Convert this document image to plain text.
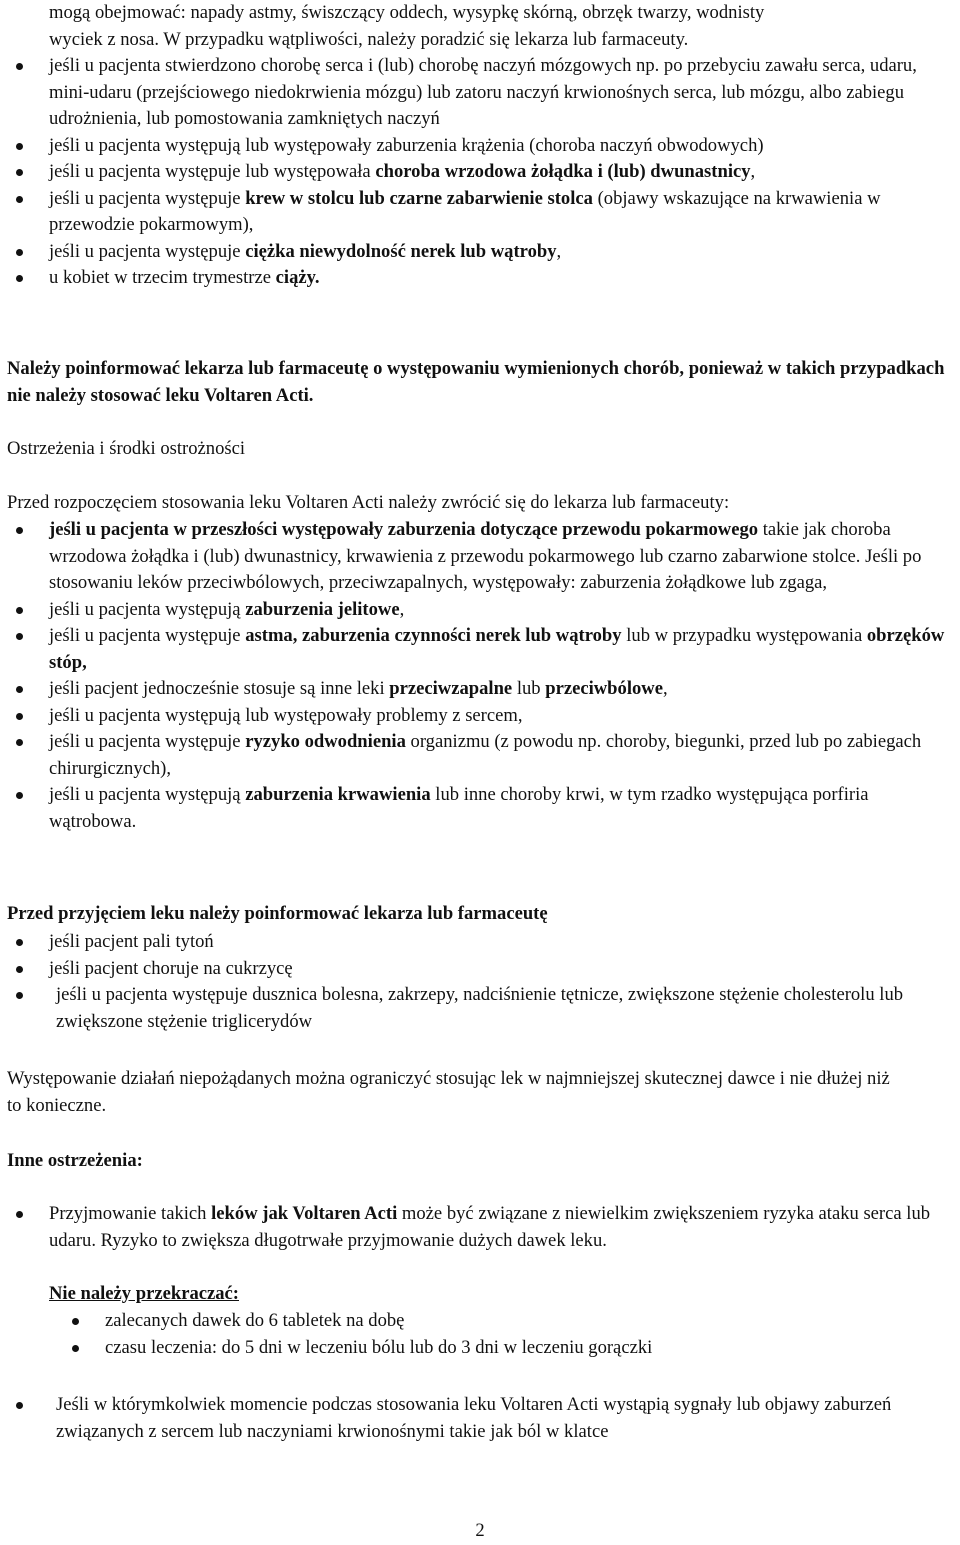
mogą obejmować: napady astmy, świszczący oddech, wysypkę skórną, obrzęk twarzy, wodnisty
wyciek z nosa. W przypadku wątpliwości, należy poradzić się lekarza lub farmaceuty.
jeśli u pacjenta stwierdzono chorobę serca i (lub) chorobę naczyń mózgowych np. po przebyciu zawału serca, udaru, mini-udaru (przejściowego niedokrwienia mózgu) lub zatoru naczyń krwionośnych serca, lub mózgu, albo zabiegu udrożnienia, lub pomostowania zamkniętych naczyń
jeśli u pacjenta występują lub występowały zaburzenia krążenia (choroba naczyń obwodowych)
jeśli u pacjenta występuje lub występowała choroba wrzodowa żołądka i (lub) dwunastnicy,
jeśli u pacjenta występuje krew w stolcu lub czarne zabarwienie stolca (objawy wskazujące na krwawienia w przewodzie pokarmowym),
jeśli u pacjenta występuje ciężka niewydolność nerek lub wątroby,
u kobiet w trzecim trymestrze ciąży.

Należy poinformować lekarza lub farmaceutę o występowaniu wymienionych chorób, ponieważ w takich przypadkach nie należy stosować leku Voltaren Acti.

Ostrzeżenia i środki ostrożności

Przed rozpoczęciem stosowania leku Voltaren Acti należy zwrócić się do lekarza lub farmaceuty:

jeśli u pacjenta w przeszłości występowały zaburzenia dotyczące przewodu pokarmowego takie jak choroba wrzodowa żołądka i (lub) dwunastnicy, krwawienia z przewodu pokarmowego lub czarno zabarwione stolce. Jeśli po stosowaniu leków przeciwbólowych, przeciwzapalnych, występowały: zaburzenia żołądkowe lub zgaga,
jeśli u pacjenta występują zaburzenia jelitowe,
jeśli u pacjenta występuje astma, zaburzenia czynności nerek lub wątroby lub w przypadku występowania obrzęków stóp,
jeśli pacjent jednocześnie stosuje są inne leki przeciwzapalne lub przeciwbólowe,
jeśli u pacjenta występują lub występowały problemy z sercem,
jeśli u pacjenta występuje ryzyko odwodnienia organizmu (z powodu np. choroby, biegunki, przed lub po zabiegach chirurgicznych),
jeśli u pacjenta występują zaburzenia krwawienia lub inne choroby krwi, w tym rzadko występująca porfiria wątrobowa.

Przed przyjęciem leku należy poinformować lekarza lub farmaceutę

jeśli pacjent pali tytoń
jeśli pacjent choruje na cukrzycę
jeśli u pacjenta występuje dusznica bolesna, zakrzepy, nadciśnienie tętnicze, zwiększone stężenie cholesterolu lub zwiększone stężenie triglicerydów

Występowanie działań niepożądanych można ograniczyć stosując lek w najmniejszej skutecznej dawce i nie dłużej niż to konieczne.

Inne ostrzeżenia:

Przyjmowanie takich leków jak Voltaren Acti może być związane z niewielkim zwiększeniem ryzyka ataku serca lub udaru. Ryzyko to zwiększa długotrwałe przyjmowanie dużych dawek leku.

Nie należy przekraczać:

zalecanych dawek do 6 tabletek na dobę
czasu leczenia: do 5 dni w leczeniu bólu lub do 3 dni w leczeniu gorączki
Jeśli w którymkolwiek momencie podczas stosowania leku Voltaren Acti wystąpią sygnały lub objawy zaburzeń związanych z sercem lub naczyniami krwionośnymi takie jak ból w klatce
2
